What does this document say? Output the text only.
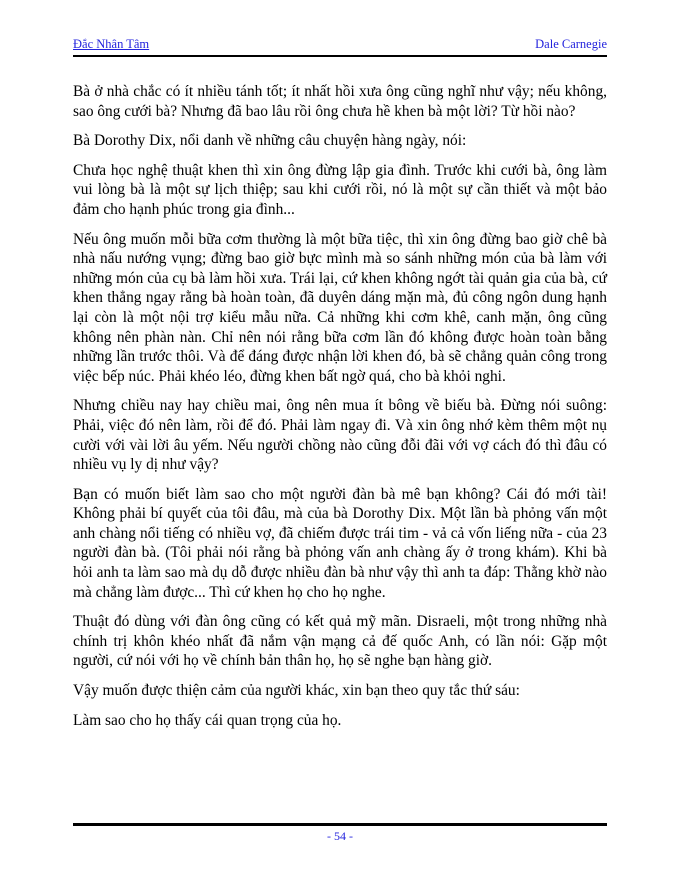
Đắc Nhân Tâm	Dale Carnegie

Bà ở nhà chắc có ít nhiều tánh tốt; ít nhất hồi xưa ông cũng nghĩ như vậy; nếu không, sao ông cưới bà? Nhưng đã bao lâu rồi ông chưa hề khen bà một lời? Từ hồi nào?

Bà Dorothy Dix, nổi danh về những câu chuyện hàng ngày, nói:

Chưa học nghệ thuật khen thì xin ông đừng lập gia đình. Trước khi cưới bà, ông làm vui lòng bà là một sự lịch thiệp; sau khi cưới rồi, nó là một sự cần thiết và một bảo đảm cho hạnh phúc trong gia đình...

Nếu ông muốn mỗi bữa cơm thường là một bữa tiệc, thì xin ông đừng bao giờ chê bà nhà nấu nướng vụng; đừng bao giờ bực mình mà so sánh những món của bà làm với những món của cụ bà làm hồi xưa. Trái lại, cứ khen không ngớt tài quản gia của bà, cứ khen thẳng ngay rằng bà hoàn toàn, đã duyên dáng mặn mà, đủ công ngôn dung hạnh lại còn là một nội trợ kiểu mẫu nữa. Cả những khi cơm khê, canh mặn, ông cũng không nên phàn nàn. Chỉ nên nói rằng bữa cơm lần đó không được hoàn toàn bằng những lần trước thôi. Và để đáng được nhận lời khen đó, bà sẽ chẳng quản công trong việc bếp núc. Phải khéo léo, đừng khen bất ngờ quá, cho bà khỏi nghi.

Nhưng chiều nay hay chiều mai, ông nên mua ít bông về biếu bà. Đừng nói suông: Phải, việc đó nên làm, rồi để đó. Phải làm ngay đi. Và xin ông nhớ kèm thêm một nụ cười với vài lời âu yếm. Nếu người chồng nào cũng đỗi đãi với vợ cách đó thì đâu có nhiều vụ ly dị như vậy?

Bạn có muốn biết làm sao cho một người đàn bà mê bạn không? Cái đó mới tài! Không phải bí quyết của tôi đâu, mà của bà Dorothy Dix. Một lần bà phỏng vấn một anh chàng nổi tiếng có nhiều vợ, đã chiếm được trái tim - vả cả vốn liếng nữa - của 23 người đàn bà. (Tôi phải nói rằng bà phỏng vấn anh chàng ấy ở trong khám). Khi bà hỏi anh ta làm sao mà dụ dỗ được nhiều đàn bà như vậy thì anh ta đáp: Thằng khờ nào mà chẳng làm được... Thì cứ khen họ cho họ nghe.

Thuật đó dùng với đàn ông cũng có kết quả mỹ mãn. Disraeli, một trong những nhà chính trị khôn khéo nhất đã nắm vận mạng cả đế quốc Anh, có lần nói: Gặp một người, cứ nói với họ về chính bản thân họ, họ sẽ nghe bạn hàng giờ.

Vậy muốn được thiện cảm của người khác, xin bạn theo quy tắc thứ sáu:

Làm sao cho họ thấy cái quan trọng của họ.

- 54 -
